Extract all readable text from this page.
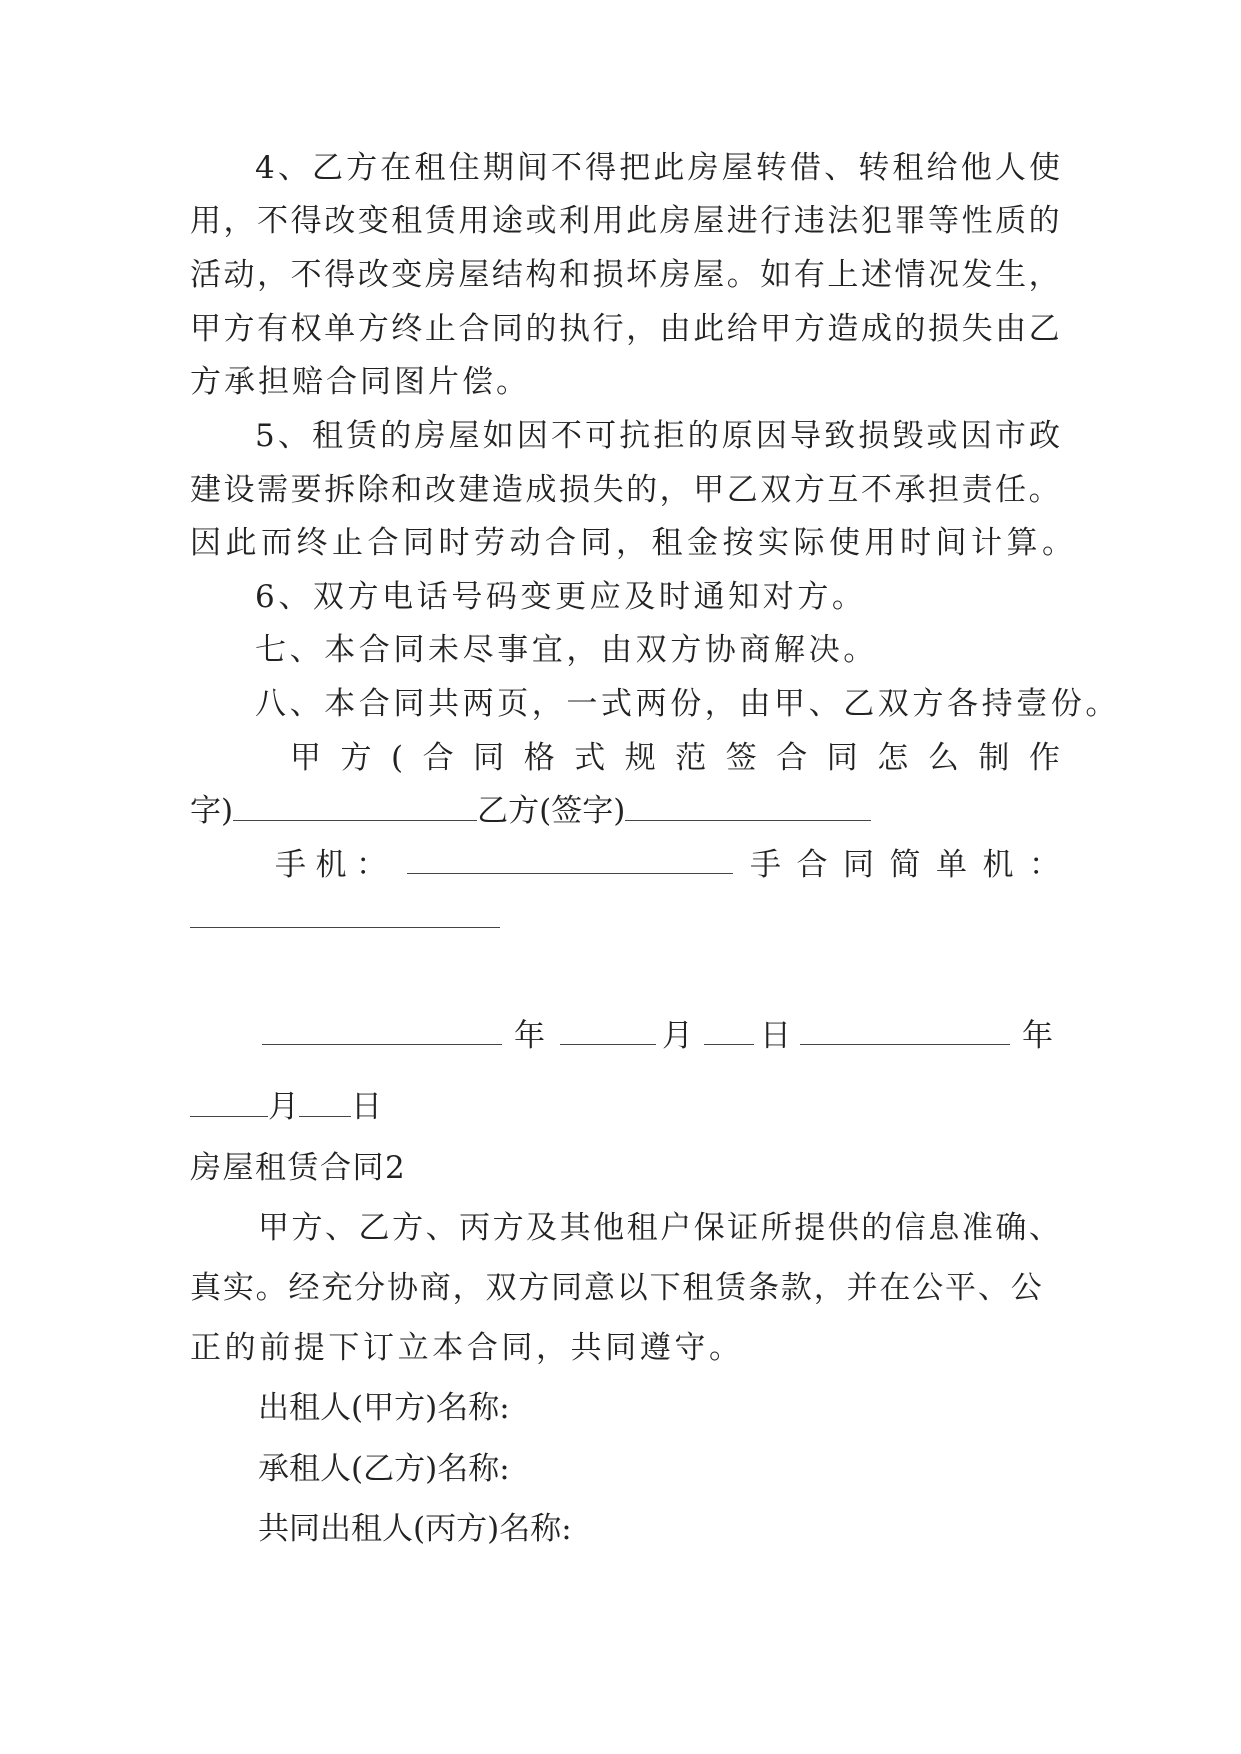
4 、 乙 方 在 租 住 期 间 不 得 把 此 房 屋 转 借 、 转 租 给 他 人 使
用 ， 不 得 改 变 租 赁 用 途 或 利 用 此 房 屋 进 行 违 法 犯 罪 等 性 质 的
活 动 ， 不 得 改 变 房 屋 结 构 和 损 坏 房 屋 。 如 有 上 述 情 况 发 生 ，
甲 方 有 权 单 方 终 止 合 同 的 执 行 ， 由 此 给 甲 方 造 成 的 损 失 由 乙
方承担赔合同图片偿。
5 、 租 赁 的 房 屋 如 因 不 可 抗 拒 的 原 因 导 致 损 毁 或 因 市 政
建 设 需 要 拆 除 和 改 建 造 成 损 失 的 ， 甲 乙 双 方 互 不 承 担 责 任 。
因此而终止合同时劳动合同，租金按实际使用时间计算。
6、双方电话号码变更应及时通知对方。
七、本合同未尽事宜，由双方协商解决。
八、本合同共两页，一式两份，由甲、乙双方各持壹份。
甲 方 ( 合 同 格 式 规 范 签 合 同 怎 么 制 作
字)	乙方(签字)
手 机 ：	手 合 同 简 单 机 ：
年	月 日	年
月 日
房屋租赁合同2
甲 方 、 乙 方 、 丙 方 及 其 他 租 户 保 证 所 提 供 的 信 息 准 确 、
真 实 。 经 充 分 协 商 ， 双 方 同 意 以 下 租 赁 条 款 ， 并 在 公 平 、 公
正的前提下订立本合同，共同遵守。
出租人(甲方)名称:
承租人(乙方)名称:
共同出租人(丙方)名称:
